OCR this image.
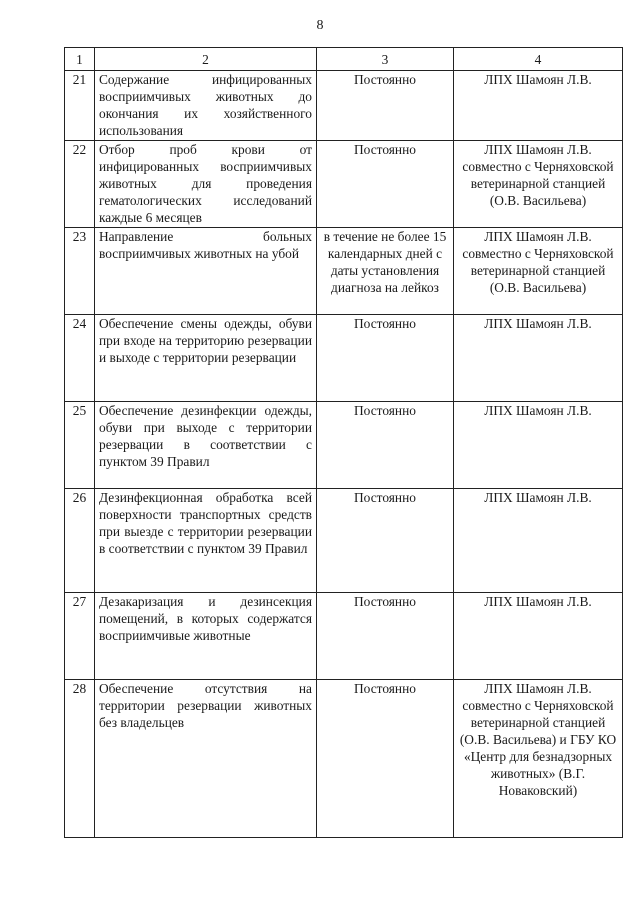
8
1	2	3	4
21	Содержание инфицированных восприимчивых животных до окончания их хозяйственного использования	Постоянно	ЛПХ Шамоян Л.В.
22	Отбор проб крови от инфицированных восприимчивых животных для проведения гематологических исследований каждые 6 месяцев	Постоянно	ЛПХ Шамоян Л.В. совместно с Черняховской ветеринарной станцией (О.В. Васильева)
23	Направление больных восприимчивых животных на убой	в течение не более 15 календарных дней с даты установления диагноза на лейкоз	ЛПХ Шамоян Л.В. совместно с Черняховской ветеринарной станцией (О.В. Васильева)
24	Обеспечение смены одежды, обуви при входе на территорию резервации и выходе с территории резервации	Постоянно	ЛПХ Шамоян Л.В.
25	Обеспечение дезинфекции одежды, обуви при выходе с территории резервации в соответствии с пунктом 39 Правил	Постоянно	ЛПХ Шамоян Л.В.
26	Дезинфекционная обработка всей поверхности транспортных средств при выезде с территории резервации в соответствии с пунктом 39 Правил	Постоянно	ЛПХ Шамоян Л.В.
27	Дезакаризация и дезинсекция помещений, в которых содержатся восприимчивые животные	Постоянно	ЛПХ Шамоян Л.В.
28	Обеспечение отсутствия на территории резервации животных без владельцев	Постоянно	ЛПХ Шамоян Л.В. совместно с Черняховской ветеринарной станцией (О.В. Васильева) и ГБУ КО «Центр для безнадзорных животных» (В.Г. Новаковский)
